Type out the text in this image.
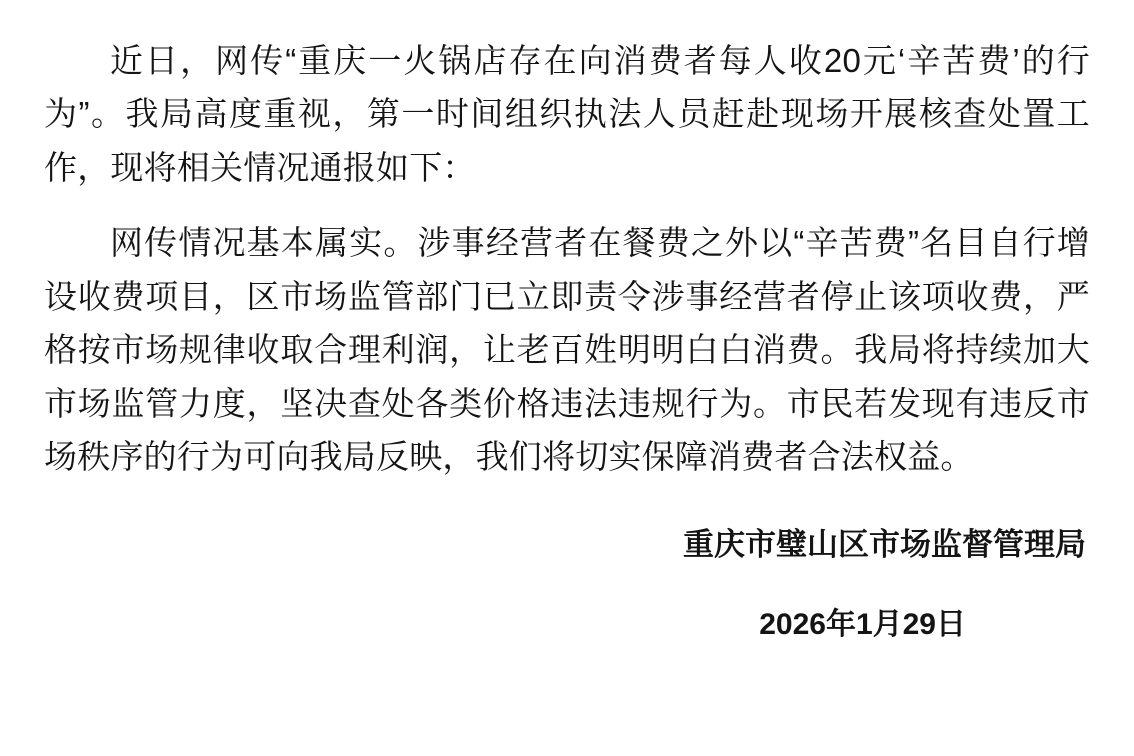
近日，网传“重庆一火锅店存在向消费者每人收20元‘辛苦费’的行为”。我局高度重视，第一时间组织执法人员赶赴现场开展核查处置工作，现将相关情况通报如下：

网传情况基本属实。涉事经营者在餐费之外以“辛苦费”名目自行增设收费项目，区市场监管部门已立即责令涉事经营者停止该项收费，严格按市场规律收取合理利润，让老百姓明明白白消费。我局将持续加大市场监管力度，坚决查处各类价格违法违规行为。市民若发现有违反市场秩序的行为可向我局反映，我们将切实保障消费者合法权益。

重庆市璧山区市场监督管理局
2026年1月29日
